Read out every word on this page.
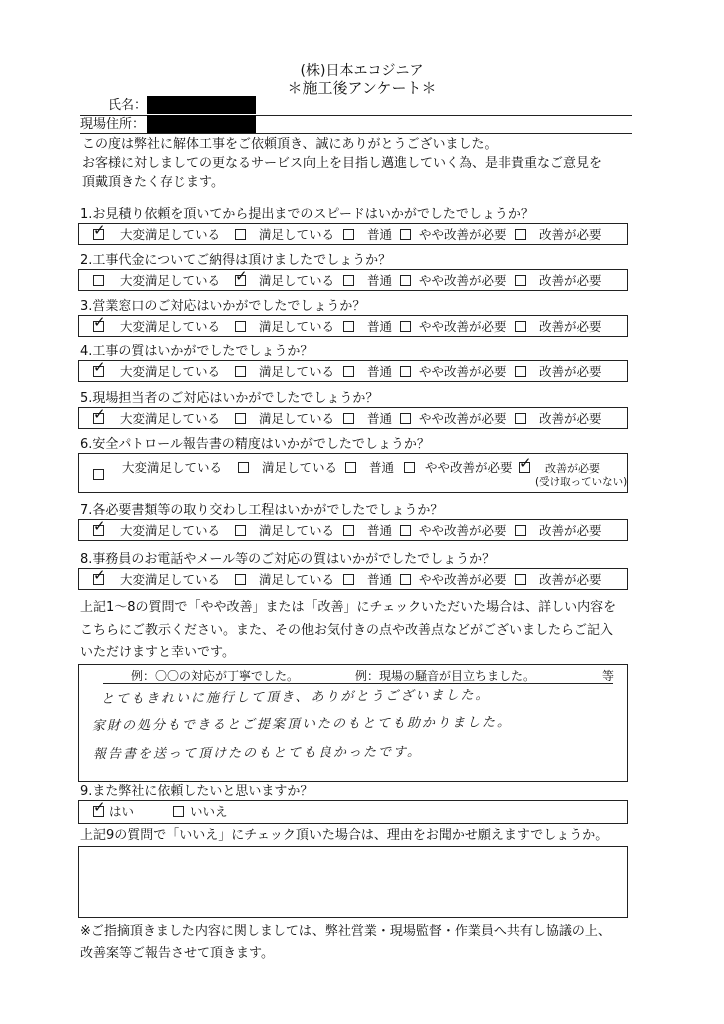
(株)日本エコジニア
＊施工後アンケート＊
氏名：
現場住所：
この度は弊社に解体工事をご依頼頂き、誠にありがとうございました。
お客様に対しましての更なるサービス向上を目指し邁進していく為、是非貴重なご意見を
頂戴頂きたく存じます。
1.お見積り依頼を頂いてから提出までのスピードはいかがでしたでしょうか？
✓ 大変満足している	満足している	普通 やや改善が必要	改善が必要
2.工事代金についてご納得は頂けましたでしょうか？
大変満足している ✓ 満足している	普通 やや改善が必要	改善が必要
3.営業窓口のご対応はいかがでしたでしょうか？
✓ 大変満足している	満足している	普通 やや改善が必要	改善が必要
4.工事の質はいかがでしたでしょうか？
✓ 大変満足している	満足している	普通 やや改善が必要	改善が必要
5.現場担当者のご対応はいかがでしたでしょうか？
✓ 大変満足している	満足している	普通 やや改善が必要	改善が必要
6.安全パトロール報告書の精度はいかがでしたでしょうか？
大変満足している	満足している	普通 やや改善が必要 ✓ 改善が必要
(受け取っていない)
7.各必要書類等の取り交わし工程はいかがでしたでしょうか？
✓ 大変満足している	満足している	普通 やや改善が必要	改善が必要
8.事務員のお電話やメール等のご対応の質はいかがでしたでしょうか？
✓ 大変満足している	満足している	普通 やや改善が必要	改善が必要
上記1～8の質問で「やや改善」または「改善」にチェックいただいた場合は、詳しい内容を
こちらにご教示ください。また、その他お気付きの点や改善点などがございましたらご記入
いただけますと幸いです。
例：〇〇の対応が丁寧でした。	例：現場の騒音が目立ちました。	等
とてもきれいに施行して頂き、ありがとうございました。
家財の処分もできるとご提案頂いたのもとても助かりました。
報告書を送って頂けたのもとても良かったです。
9.また弊社に依頼したいと思いますか？
✓ はい	いいえ
上記9の質問で「いいえ」にチェック頂いた場合は、理由をお聞かせ願えますでしょうか。
※ご指摘頂きました内容に関しましては、弊社営業・現場監督・作業員へ共有し協議の上、
改善案等ご報告させて頂きます。
